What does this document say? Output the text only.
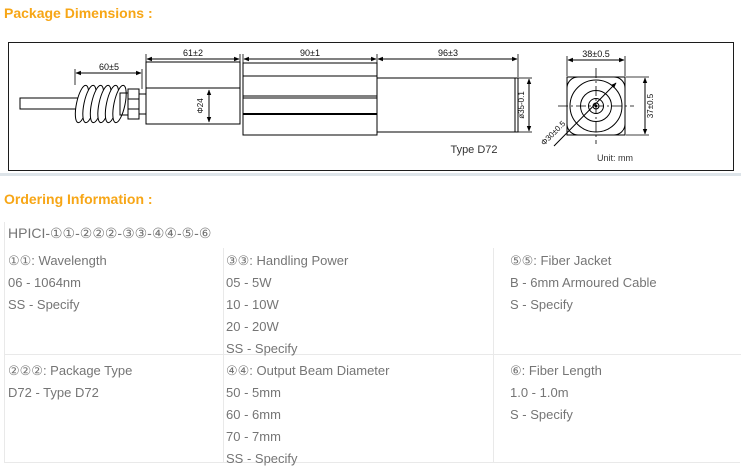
Package Dimensions :
Φ24	ø35-0.1
60±5
61±2	90±1	96±3
Type D72
Φ30±0.5
38±0.5
37±0.5
Unit: mm
Ordering Information :
HPICI-①①-②②②-③③-④④-⑤-⑥
①①: Wavelength
06 - 1064nm
SS - Specify
③③: Handling Power
05 - 5W
10 - 10W
20 - 20W
SS - Specify
⑤⑤: Fiber Jacket
B - 6mm Armoured Cable
S - Specify
②②②: Package Type
D72 - Type D72
④④: Output Beam Diameter
50 - 5mm
60 - 6mm
70 - 7mm
SS - Specify
⑥: Fiber Length
1.0 - 1.0m
S - Specify
